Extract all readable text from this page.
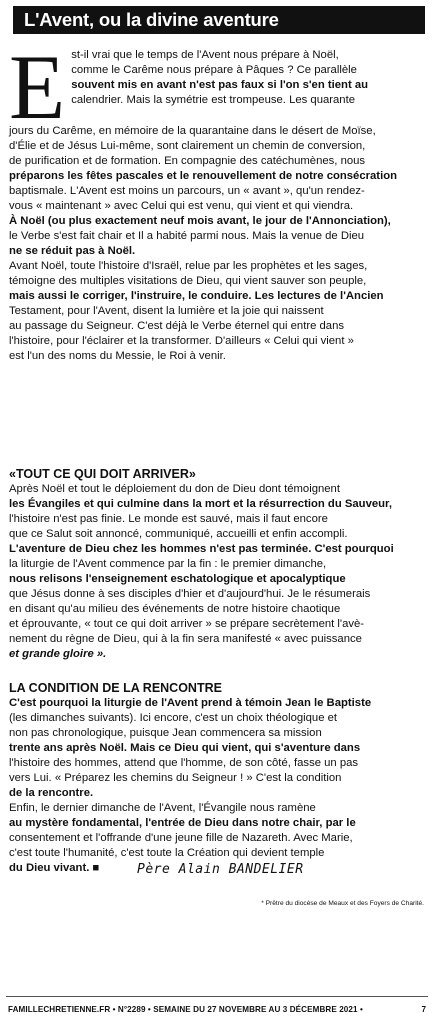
L'Avent, ou la divine aventure
E st-il vrai que le temps de l'Avent nous prépare à Noël,

comme le Carême nous prépare à Pâques ? Ce parallèle

souvent mis en avant n'est pas faux si l'on s'en tient au

calendrier. Mais la symétrie est trompeuse. Les quarante

jours du Carême, en mémoire de la quarantaine dans le désert de Moïse,

d'Élie et de Jésus Lui-même, sont clairement un chemin de conversion,

de purification et de formation. En compagnie des catéchumènes, nous

préparons les fêtes pascales et le renouvellement de notre consécration

baptismale. L'Avent est moins un parcours, un « avant », qu'un rendez-

vous « maintenant » avec Celui qui est venu, qui vient et qui viendra.

À Noël (ou plus exactement neuf mois avant, le jour de l'Annonciation),

le Verbe s'est fait chair et Il a habité parmi nous. Mais la venue de Dieu

ne se réduit pas à Noël.

Avant Noël, toute l'histoire d'Israël, relue par les prophètes et les sages,

témoigne des multiples visitations de Dieu, qui vient sauver son peuple,

mais aussi le corriger, l'instruire, le conduire. Les lectures de l'Ancien

Testament, pour l'Avent, disent la lumière et la joie qui naissent

au passage du Seigneur. C'est déjà le Verbe éternel qui entre dans

l'histoire, pour l'éclairer et la transformer. D'ailleurs « Celui qui vient »

est l'un des noms du Messie, le Roi à venir.

«TOUT CE QUI DOIT ARRIVER»

Après Noël et tout le déploiement du don de Dieu dont témoignent

les Évangiles et qui culmine dans la mort et la résurrection du Sauveur,

l'histoire n'est pas finie. Le monde est sauvé, mais il faut encore

que ce Salut soit annoncé, communiqué, accueilli et enfin accompli.

L'aventure de Dieu chez les hommes n'est pas terminée. C'est pourquoi

la liturgie de l'Avent commence par la fin : le premier dimanche,

nous relisons l'enseignement eschatologique et apocalyptique

que Jésus donne à ses disciples d'hier et d'aujourd'hui. Je le résumerais

en disant qu'au milieu des événements de notre histoire chaotique

et éprouvante, « tout ce qui doit arriver » se prépare secrètement l'avè-

nement du règne de Dieu, qui à la fin sera manifesté « avec puissance

et grande gloire ».

LA CONDITION DE LA RENCONTRE

C'est pourquoi la liturgie de l'Avent prend à témoin Jean le Baptiste

(les dimanches suivants). Ici encore, c'est un choix théologique et

non pas chronologique, puisque Jean commencera sa mission

trente ans après Noël. Mais ce Dieu qui vient, qui s'aventure dans

l'histoire des hommes, attend que l'homme, de son côté, fasse un pas

vers Lui. « Préparez les chemins du Seigneur ! » C'est la condition

de la rencontre.

Enfin, le dernier dimanche de l'Avent, l'Évangile nous ramène

au mystère fondamental, l'entrée de Dieu dans notre chair, par le

consentement et l'offrande d'une jeune fille de Nazareth. Avec Marie,

c'est toute l'humanité, c'est toute la Création qui devient temple

du Dieu vivant. ■	Père Alain BANDELIER
* Prêtre du diocèse de Meaux et des Foyers de Charité.
FAMILLECHRETIENNE.FR • N°2289 • SEMAINE DU 27 NOVEMBRE AU 3 DÉCEMBRE 2021 •	7
